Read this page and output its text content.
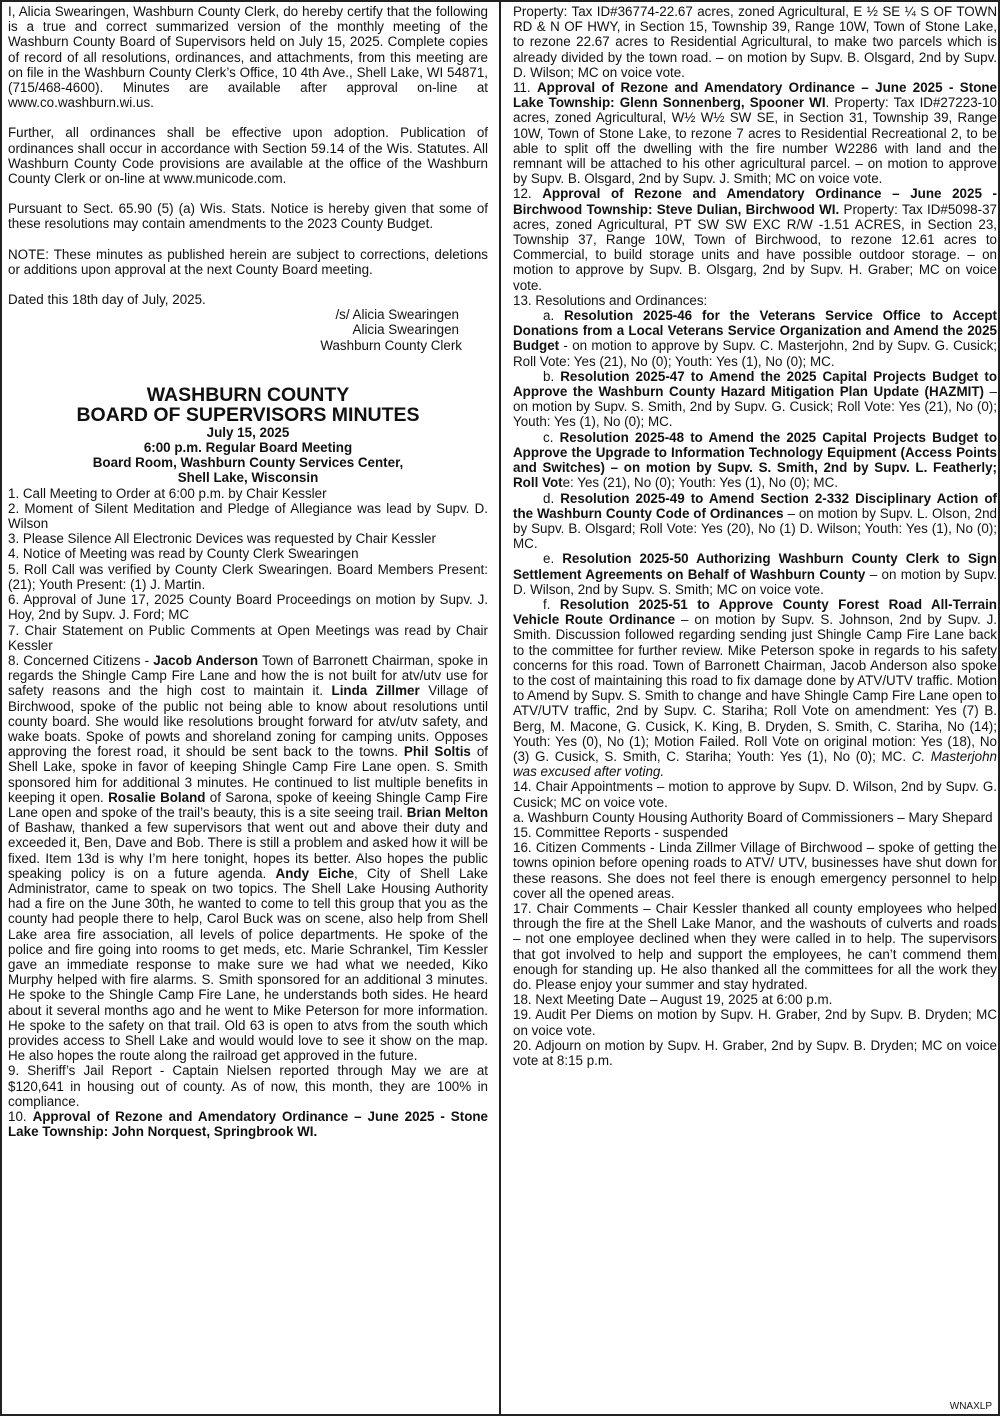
I, Alicia Swearingen, Washburn County Clerk, do hereby certify that the following is a true and correct summarized version of the monthly meeting of the Washburn County Board of Supervisors held on July 15, 2025. Complete copies of record of all resolutions, ordinances, and attachments, from this meeting are on file in the Washburn County Clerk’s Office, 10 4th Ave., Shell Lake, WI 54871, (715/468-4600). Minutes are available after approval on-line at www.co.washburn.wi.us.

Further, all ordinances shall be effective upon adoption. Publication of ordinances shall occur in accordance with Section 59.14 of the Wis. Statutes. All Washburn County Code provisions are available at the office of the Washburn County Clerk or on-line at www.municode.com.

Pursuant to Sect. 65.90 (5) (a) Wis. Stats. Notice is hereby given that some of these resolutions may contain amendments to the 2023 County Budget.

NOTE: These minutes as published herein are subject to corrections, deletions or additions upon approval at the next County Board meeting.

Dated this 18th day of July, 2025.

/s/ Alicia Swearingen
Alicia Swearingen
Washburn County Clerk
WASHBURN COUNTY
BOARD OF SUPERVISORS MINUTES
July 15, 2025
6:00 p.m. Regular Board Meeting
Board Room, Washburn County Services Center,
Shell Lake, Wisconsin

1. Call Meeting to Order at 6:00 p.m. by Chair Kessler

2. Moment of Silent Meditation and Pledge of Allegiance was lead by Supv. D. Wilson

3. Please Silence All Electronic Devices was requested by Chair Kessler

4. Notice of Meeting was read by County Clerk Swearingen

5. Roll Call was verified by County Clerk Swearingen. Board Members Present: (21); Youth Present: (1) J. Martin.

6. Approval of June 17, 2025 County Board Proceedings on motion by Supv. J. Hoy, 2nd by Supv. J. Ford; MC

7. Chair Statement on Public Comments at Open Meetings was read by Chair Kessler

8. Concerned Citizens - Jacob Anderson Town of Barronett Chairman, spoke in regards the Shingle Camp Fire Lane and how the is not built for atv/utv use for safety reasons and the high cost to maintain it. Linda Zillmer Village of Birchwood, spoke of the public not being able to know about resolutions until county board. She would like resolutions brought forward for atv/utv safety, and wake boats. Spoke of powts and shoreland zoning for camping units. Opposes approving the forest road, it should be sent back to the towns. Phil Soltis of Shell Lake, spoke in favor of keeping Shingle Camp Fire Lane open. S. Smith sponsored him for additional 3 minutes. He continued to list multiple benefits in keeping it open. Rosalie Boland of Sarona, spoke of keeing Shingle Camp Fire Lane open and spoke of the trail’s beauty, this is a site seeing trail. Brian Melton of Bashaw, thanked a few supervisors that went out and above their duty and exceeded it, Ben, Dave and Bob. There is still a problem and asked how it will be fixed. Item 13d is why I’m here tonight, hopes its better. Also hopes the public speaking policy is on a future agenda. Andy Eiche, City of Shell Lake Administrator, came to speak on two topics. The Shell Lake Housing Authority had a fire on the June 30th, he wanted to come to tell this group that you as the county had people there to help, Carol Buck was on scene, also help from Shell Lake area fire association, all levels of police departments. He spoke of the police and fire going into rooms to get meds, etc. Marie Schrankel, Tim Kessler gave an immediate response to make sure we had what we needed, Kiko Murphy helped with fire alarms. S. Smith sponsored for an additional 3 minutes. He spoke to the Shingle Camp Fire Lane, he understands both sides. He heard about it several months ago and he went to Mike Peterson for more information. He spoke to the safety on that trail. Old 63 is open to atvs from the south which provides access to Shell Lake and would would love to see it show on the map. He also hopes the route along the railroad get approved in the future.

9. Sheriff’s Jail Report - Captain Nielsen reported through May we are at $120,641 in housing out of county. As of now, this month, they are 100% in compliance.

10. Approval of Rezone and Amendatory Ordinance – June 2025 - Stone Lake Township: John Norquest, Springbrook WI.

Property: Tax ID#36774-22.67 acres, zoned Agricultural, E ½ SE ¼ S OF TOWN RD & N OF HWY, in Section 15, Township 39, Range 10W, Town of Stone Lake, to rezone 22.67 acres to Residential Agricultural, to make two parcels which is already divided by the town road. – on motion by Supv. B. Olsgard, 2nd by Supv. D. Wilson; MC on voice vote.

11. Approval of Rezone and Amendatory Ordinance – June 2025 - Stone Lake Township: Glenn Sonnenberg, Spooner WI. Property: Tax ID#27223-10 acres, zoned Agricultural, W½ W½ SW SE, in Section 31, Township 39, Range 10W, Town of Stone Lake, to rezone 7 acres to Residential Recreational 2, to be able to split off the dwelling with the fire number W2286 with land and the remnant will be attached to his other agricultural parcel. – on motion to approve by Supv. B. Olsgard, 2nd by Supv. J. Smith; MC on voice vote.

12. Approval of Rezone and Amendatory Ordinance – June 2025 - Birchwood Township: Steve Dulian, Birchwood WI. Property: Tax ID#5098-37 acres, zoned Agricultural, PT SW SW EXC R/W -1.51 ACRES, in Section 23, Township 37, Range 10W, Town of Birchwood, to rezone 12.61 acres to Commercial, to build storage units and have possible outdoor storage. – on motion to approve by Supv. B. Olsgarg, 2nd by Supv. H. Graber; MC on voice vote.

13. Resolutions and Ordinances:

a. Resolution 2025-46 for the Veterans Service Office to Accept Donations from a Local Veterans Service Organization and Amend the 2025 Budget - on motion to approve by Supv. C. Masterjohn, 2nd by Supv. G. Cusick; Roll Vote: Yes (21), No (0); Youth: Yes (1), No (0); MC.

b. Resolution 2025-47 to Amend the 2025 Capital Projects Budget to Approve the Washburn County Hazard Mitigation Plan Update (HAZMIT) – on motion by Supv. S. Smith, 2nd by Supv. G. Cusick; Roll Vote: Yes (21), No (0); Youth: Yes (1), No (0); MC.

c. Resolution 2025-48 to Amend the 2025 Capital Projects Budget to Approve the Upgrade to Information Technology Equipment (Access Points and Switches) – on motion by Supv. S. Smith, 2nd by Supv. L. Featherly; Roll Vote: Yes (21), No (0); Youth: Yes (1), No (0); MC.

d. Resolution 2025-49 to Amend Section 2-332 Disciplinary Action of the Washburn County Code of Ordinances – on motion by Supv. L. Olson, 2nd by Supv. B. Olsgard; Roll Vote: Yes (20), No (1) D. Wilson; Youth: Yes (1), No (0); MC.

e. Resolution 2025-50 Authorizing Washburn County Clerk to Sign Settlement Agreements on Behalf of Washburn County – on motion by Supv. D. Wilson, 2nd by Supv. S. Smith; MC on voice vote.

f. Resolution 2025-51 to Approve County Forest Road All-Terrain Vehicle Route Ordinance – on motion by Supv. S. Johnson, 2nd by Supv. J. Smith. Discussion followed regarding sending just Shingle Camp Fire Lane back to the committee for further review. Mike Peterson spoke in regards to his safety concerns for this road. Town of Barronett Chairman, Jacob Anderson also spoke to the cost of maintaining this road to fix damage done by ATV/UTV traffic. Motion to Amend by Supv. S. Smith to change and have Shingle Camp Fire Lane open to ATV/UTV traffic, 2nd by Supv. C. Stariha; Roll Vote on amendment: Yes (7) B. Berg, M. Macone, G. Cusick, K. King, B. Dryden, S. Smith, C. Stariha, No (14); Youth: Yes (0), No (1); Motion Failed. Roll Vote on original motion: Yes (18), No (3) G. Cusick, S. Smith, C. Stariha; Youth: Yes (1), No (0); MC. C. Masterjohn was excused after voting.

14. Chair Appointments – motion to approve by Supv. D. Wilson, 2nd by Supv. G. Cusick; MC on voice vote.

a. Washburn County Housing Authority Board of Commissioners – Mary Shepard

15. Committee Reports - suspended

16. Citizen Comments - Linda Zillmer Village of Birchwood – spoke of getting the towns opinion before opening roads to ATV/ UTV, businesses have shut down for these reasons. She does not feel there is enough emergency personnel to help cover all the opened areas.

17. Chair Comments – Chair Kessler thanked all county employees who helped through the fire at the Shell Lake Manor, and the washouts of culverts and roads – not one employee declined when they were called in to help. The supervisors that got involved to help and support the employees, he can’t commend them enough for standing up. He also thanked all the committees for all the work they do. Please enjoy your summer and stay hydrated.

18. Next Meeting Date – August 19, 2025 at 6:00 p.m.

19. Audit Per Diems on motion by Supv. H. Graber, 2nd by Supv. B. Dryden; MC on voice vote.

20. Adjourn on motion by Supv. H. Graber, 2nd by Supv. B. Dryden; MC on voice vote at 8:15 p.m.

WNAXLP
